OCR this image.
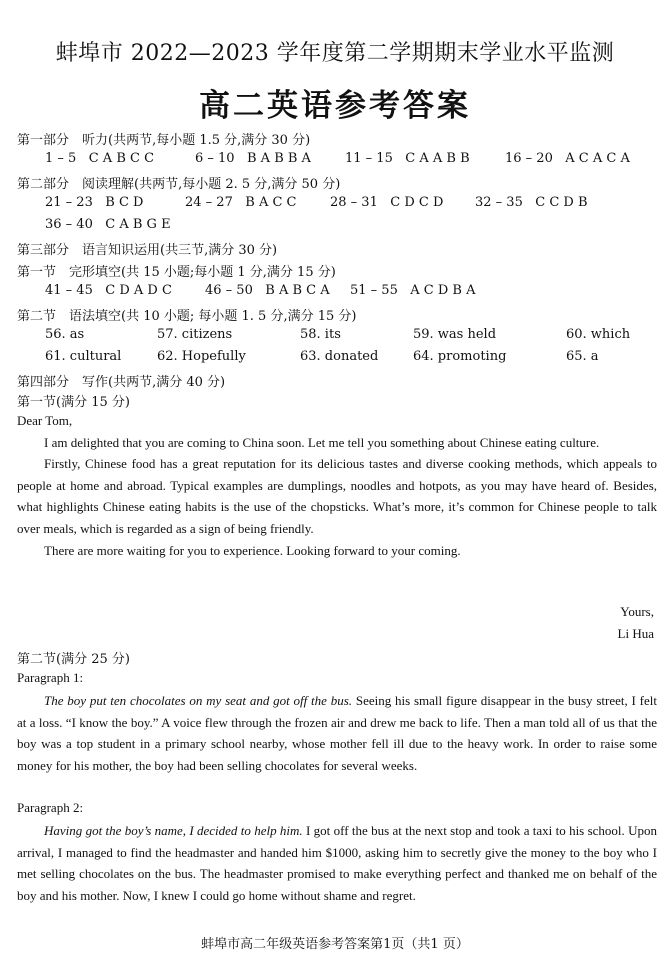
蚌埠市 2022—2023 学年度第二学期期末学业水平监测
高二英语参考答案
第一部分　听力(共两节,每小题 1.5 分,满分 30 分)
1 – 5 C A B C C	6 – 10 B A B B A	11 – 15 C A A B B	16 – 20 A C A C A
第二部分　阅读理解(共两节,每小题 2. 5 分,满分 50 分)
21 – 23 B C D	24 – 27 B A C C	28 – 31 C D C D 32 – 35 C C D B
36 – 40 C A B G E
第三部分　语言知识运用(共三节,满分 30 分)
第一节　完形填空(共 15 小题;每小题 1 分,满分 15 分)
41 – 45 C D A D C	46 – 50 B A B C A 51 – 55 A C D B A
第二节　语法填空(共 10 小题; 每小题 1. 5 分,满分 15 分)
56. as	57. citizens	58. its	59. was held	60. which
61. cultural	62. Hopefully	63. donated	64. promoting	65. a
第四部分　写作(共两节,满分 40 分)
第一节(满分 15 分)

Dear Tom,

I am delighted that you are coming to China soon. Let me tell you something about Chinese eating culture.

Firstly, Chinese food has a great reputation for its delicious tastes and diverse cooking methods, which appeals to people at home and abroad. Typical examples are dumplings, noodles and hotpots, as you may have heard of. Besides, what highlights Chinese eating habits is the use of the chopsticks. What’s more, it’s common for Chinese people to talk over meals, which is regarded as a sign of being friendly.

There are more waiting for you to experience. Looking forward to your coming.

Yours,
Li Hua
第二节(满分 25 分)
Paragraph 1:

The boy put ten chocolates on my seat and got off the bus. Seeing his small figure disappear in the busy street, I felt at a loss. “I know the boy.” A voice flew through the frozen air and drew me back to life. Then a man told all of us that the boy was a top student in a primary school nearby, whose mother fell ill due to the heavy work. In order to raise some money for his mother, the boy had been selling chocolates for several weeks.

Paragraph 2:

Having got the boy’s name, I decided to help him. I got off the bus at the next stop and took a taxi to his school. Upon arrival, I managed to find the headmaster and handed him $1000, asking him to secretly give the money to the boy who I met selling chocolates on the bus. The headmaster promised to make everything perfect and thanked me on behalf of the boy and his mother. Now, I knew I could go home without shame and regret.

蚌埠市高二年级英语参考答案第1页（共1 页）
